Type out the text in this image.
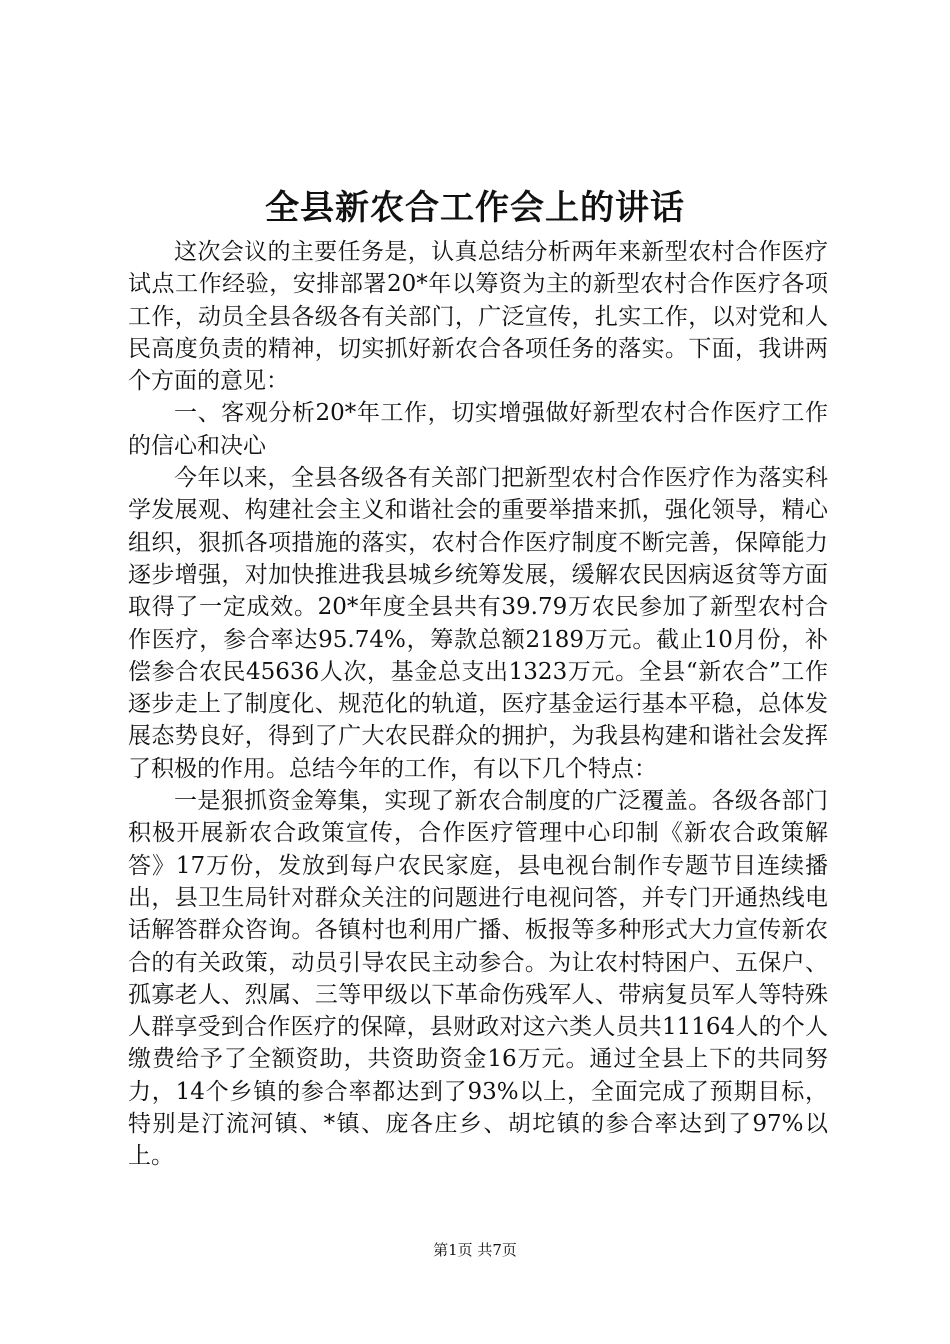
全县新农合工作会上的讲话

这次会议的主要任务是，认真总结分析两年来新型农村合作医疗试点工作经验，安排部署20*年以筹资为主的新型农村合作医疗各项工作，动员全县各级各有关部门，广泛宣传，扎实工作，以对党和人民高度负责的精神，切实抓好新农合各项任务的落实。下面，我讲两个方面的意见：

一、客观分析20*年工作，切实增强做好新型农村合作医疗工作的信心和决心

今年以来，全县各级各有关部门把新型农村合作医疗作为落实科学发展观、构建社会主义和谐社会的重要举措来抓，强化领导，精心组织，狠抓各项措施的落实，农村合作医疗制度不断完善，保障能力逐步增强，对加快推进我县城乡统筹发展，缓解农民因病返贫等方面取得了一定成效。20*年度全县共有39.79万农民参加了新型农村合作医疗，参合率达95.74%，筹款总额2189万元。截止10月份，补偿参合农民45636人次，基金总支出1323万元。全县“新农合”工作逐步走上了制度化、规范化的轨道，医疗基金运行基本平稳，总体发展态势良好，得到了广大农民群众的拥护，为我县构建和谐社会发挥了积极的作用。总结今年的工作，有以下几个特点：

一是狠抓资金筹集，实现了新农合制度的广泛覆盖。各级各部门积极开展新农合政策宣传，合作医疗管理中心印制《新农合政策解答》17万份，发放到每户农民家庭，县电视台制作专题节目连续播出，县卫生局针对群众关注的问题进行电视问答，并专门开通热线电话解答群众咨询。各镇村也利用广播、板报等多种形式大力宣传新农合的有关政策，动员引导农民主动参合。为让农村特困户、五保户、孤寡老人、烈属、三等甲级以下革命伤残军人、带病复员军人等特殊人群享受到合作医疗的保障，县财政对这六类人员共11164人的个人缴费给予了全额资助，共资助资金16万元。通过全县上下的共同努力，14个乡镇的参合率都达到了93%以上，全面完成了预期目标，特别是汀流河镇、*镇、庞各庄乡、胡坨镇的参合率达到了97%以上。

第1页 共7页
